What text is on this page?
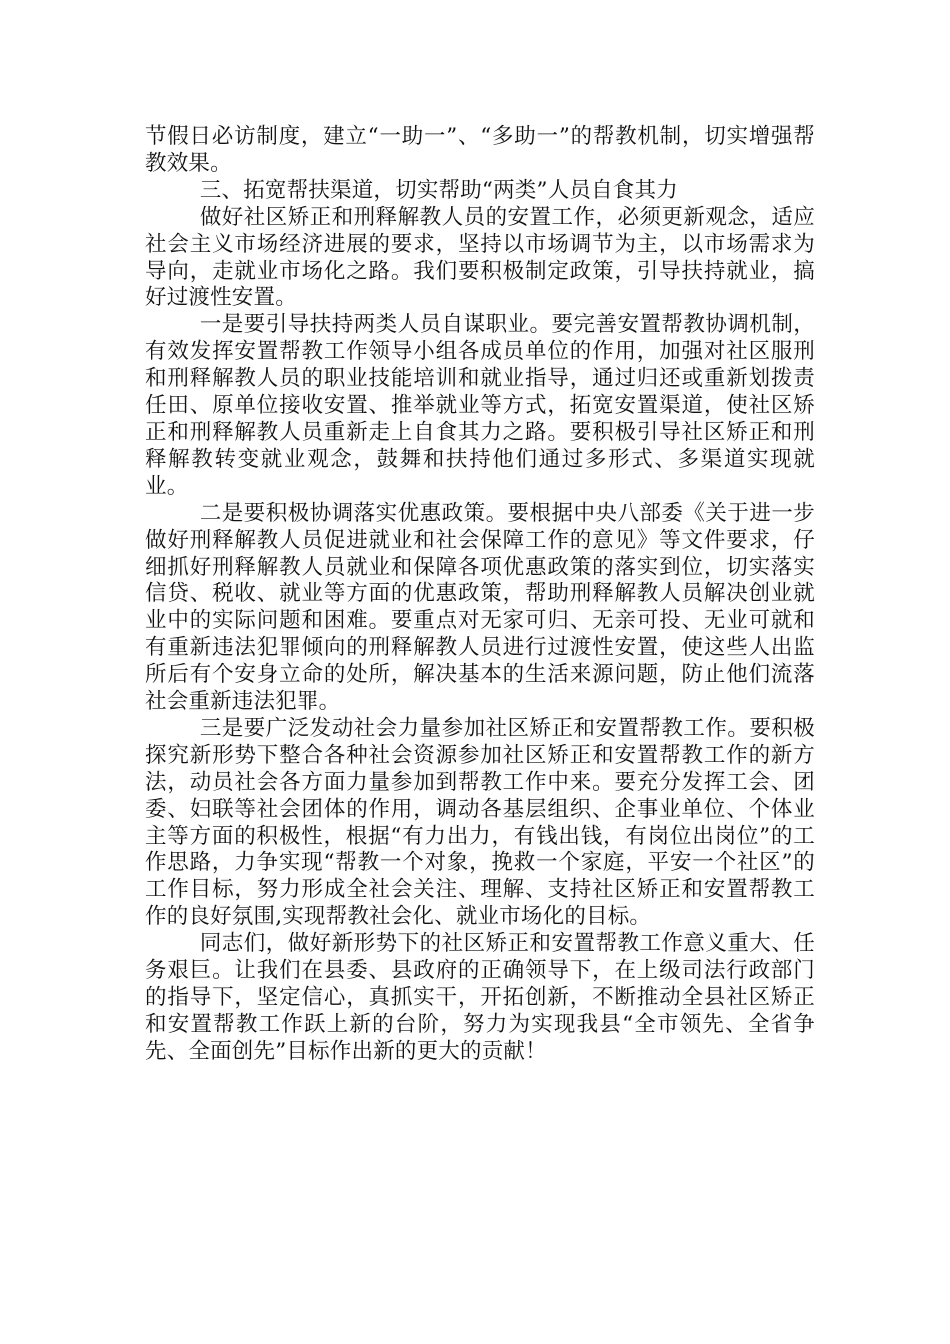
节假日必访制度，建立“一助一”、“多助一”的帮教机制，切实增强帮教效果。

三、拓宽帮扶渠道，切实帮助“两类”人员自食其力

做好社区矫正和刑释解教人员的安置工作，必须更新观念，适应社会主义市场经济进展的要求，坚持以市场调节为主，以市场需求为导向，走就业市场化之路。我们要积极制定政策，引导扶持就业，搞好过渡性安置。

一是要引导扶持两类人员自谋职业。要完善安置帮教协调机制，有效发挥安置帮教工作领导小组各成员单位的作用，加强对社区服刑和刑释解教人员的职业技能培训和就业指导，通过归还或重新划拨责任田、原单位接收安置、推举就业等方式，拓宽安置渠道，使社区矫正和刑释解教人员重新走上自食其力之路。要积极引导社区矫正和刑释解教转变就业观念，鼓舞和扶持他们通过多形式、多渠道实现就业。

二是要积极协调落实优惠政策。要根据中央八部委《关于进一步做好刑释解教人员促进就业和社会保障工作的意见》等文件要求，仔细抓好刑释解教人员就业和保障各项优惠政策的落实到位，切实落实信贷、税收、就业等方面的优惠政策，帮助刑释解教人员解决创业就业中的实际问题和困难。要重点对无家可归、无亲可投、无业可就和有重新违法犯罪倾向的刑释解教人员进行过渡性安置，使这些人出监所后有个安身立命的处所，解决基本的生活来源问题，防止他们流落社会重新违法犯罪。

三是要广泛发动社会力量参加社区矫正和安置帮教工作。要积极探究新形势下整合各种社会资源参加社区矫正和安置帮教工作的新方法，动员社会各方面力量参加到帮教工作中来。要充分发挥工会、团委、妇联等社会团体的作用，调动各基层组织、企事业单位、个体业主等方面的积极性，根据“有力出力，有钱出钱，有岗位出岗位”的工作思路，力争实现“帮教一个对象，挽救一个家庭，平安一个社区”的工作目标，努力形成全社会关注、理解、支持社区矫正和安置帮教工作的良好氛围,实现帮教社会化、就业市场化的目标。

同志们，做好新形势下的社区矫正和安置帮教工作意义重大、任务艰巨。让我们在县委、县政府的正确领导下，在上级司法行政部门的指导下，坚定信心，真抓实干，开拓创新，不断推动全县社区矫正和安置帮教工作跃上新的台阶，努力为实现我县“全市领先、全省争先、全面创先”目标作出新的更大的贡献！
